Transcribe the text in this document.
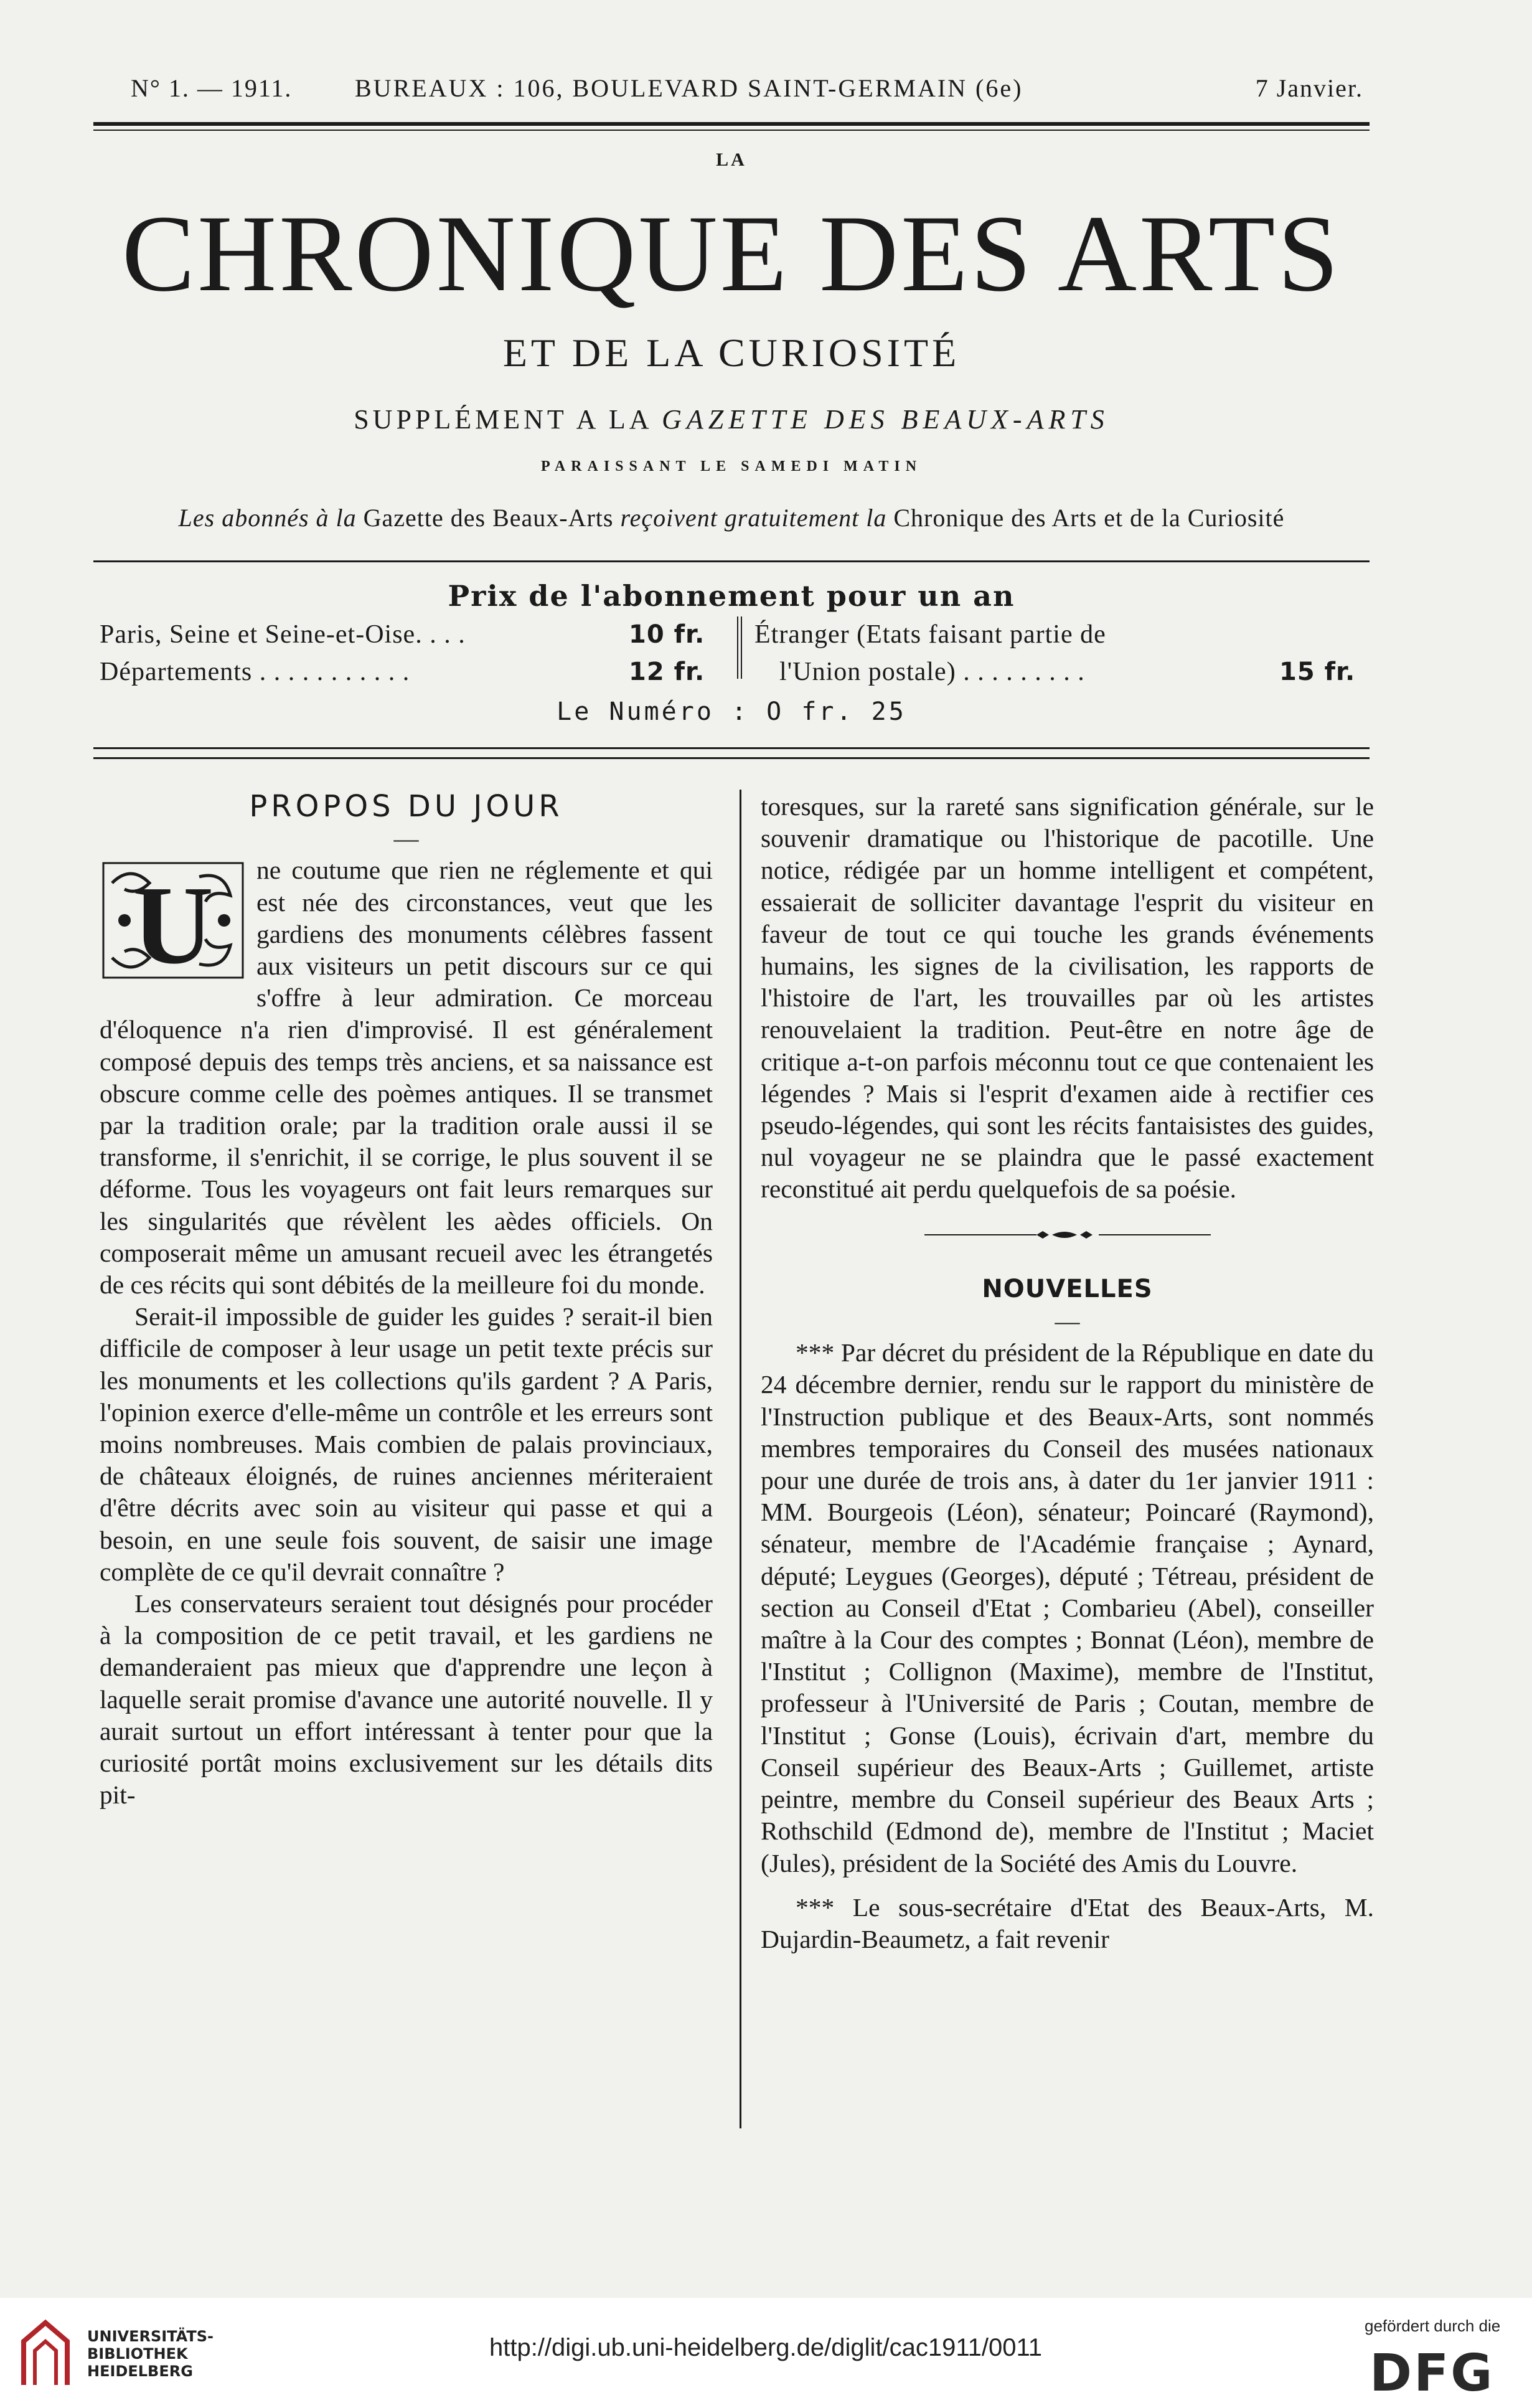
N° 1. — 1911.	BUREAUX : 106, BOULEVARD SAINT-GERMAIN (6e)	7 Janvier.
LA
CHRONIQUE DES ARTS
ET DE LA CURIOSITÉ
SUPPLÉMENT A LA GAZETTE DES BEAUX-ARTS
PARAISSANT LE SAMEDI MATIN
Les abonnés à la Gazette des Beaux-Arts reçoivent gratuitement la Chronique des Arts et de la Curiosité
Prix de l'abonnement pour un an
Paris, Seine et Seine-et-Oise. . . .	10 fr.
Départements . . . . . . . . . . .	12 fr.
Étranger (Etats faisant partie de
l'Union postale) . . . . . . . . .	15 fr.
Le Numéro : O fr. 25

PROPOS DU JOUR

—

U ne coutume que rien ne réglemente et qui est née des circonstances, veut que les gardiens des monuments célèbres fassent aux visiteurs un petit discours sur ce qui s'offre à leur admiration. Ce morceau d'éloquence n'a rien d'improvisé. Il est généralement composé depuis des temps très anciens, et sa naissance est obscure comme celle des poèmes antiques. Il se transmet par la tradition orale; par la tradition orale aussi il se transforme, il s'enrichit, il se corrige, le plus souvent il se déforme. Tous les voyageurs ont fait leurs remarques sur les singularités que révèlent les aèdes officiels. On composerait même un amusant recueil avec les étrangetés de ces récits qui sont débités de la meilleure foi du monde.

Serait-il impossible de guider les guides ? serait-il bien difficile de composer à leur usage un petit texte précis sur les monuments et les collections qu'ils gardent ? A Paris, l'opinion exerce d'elle-même un contrôle et les erreurs sont moins nombreuses. Mais combien de palais provinciaux, de châteaux éloignés, de ruines anciennes mériteraient d'être décrits avec soin au visiteur qui passe et qui a besoin, en une seule fois souvent, de saisir une image complète de ce qu'il devrait connaître ?

Les conservateurs seraient tout désignés pour procéder à la composition de ce petit travail, et les gardiens ne demanderaient pas mieux que d'apprendre une leçon à laquelle serait promise d'avance une autorité nouvelle. Il y aurait surtout un effort intéressant à tenter pour que la curiosité portât moins exclusivement sur les détails dits pit-

toresques, sur la rareté sans signification générale, sur le souvenir dramatique ou l'historique de pacotille. Une notice, rédigée par un homme intelligent et compétent, essaierait de solliciter davantage l'esprit du visiteur en faveur de tout ce qui touche les grands événements humains, les signes de la civilisation, les rapports de l'histoire de l'art, les trouvailles par où les artistes renouvelaient la tradition. Peut-être en notre âge de critique a-t-on parfois méconnu tout ce que contenaient les légendes ? Mais si l'esprit d'examen aide à rectifier ces pseudo-légendes, qui sont les récits fantaisistes des guides, nul voyageur ne se plaindra que le passé exactement reconstitué ait perdu quelquefois de sa poésie.

NOUVELLES

—

*** Par décret du président de la République en date du 24 décembre dernier, rendu sur le rapport du ministère de l'Instruction publique et des Beaux-Arts, sont nommés membres temporaires du Conseil des musées nationaux pour une durée de trois ans, à dater du 1er janvier 1911 : MM. Bourgeois (Léon), sénateur; Poincaré (Raymond), sénateur, membre de l'Académie française ; Aynard, député; Leygues (Georges), député ; Tétreau, président de section au Conseil d'Etat ; Combarieu (Abel), conseiller maître à la Cour des comptes ; Bonnat (Léon), membre de l'Institut ; Collignon (Maxime), membre de l'Institut, professeur à l'Université de Paris ; Coutan, membre de l'Institut ; Gonse (Louis), écrivain d'art, membre du Conseil supérieur des Beaux-Arts ; Guillemet, artiste peintre, membre du Conseil supérieur des Beaux Arts ; Rothschild (Edmond de), membre de l'Institut ; Maciet (Jules), président de la Société des Amis du Louvre.

*** Le sous-secrétaire d'Etat des Beaux-Arts, M. Dujardin-Beaumetz, a fait revenir

UNIVERSITÄTS-
BIBLIOTHEK
HEIDELBERG
http://digi.ub.uni-heidelberg.de/diglit/cac1911/0011
gefördert durch die
DFG
